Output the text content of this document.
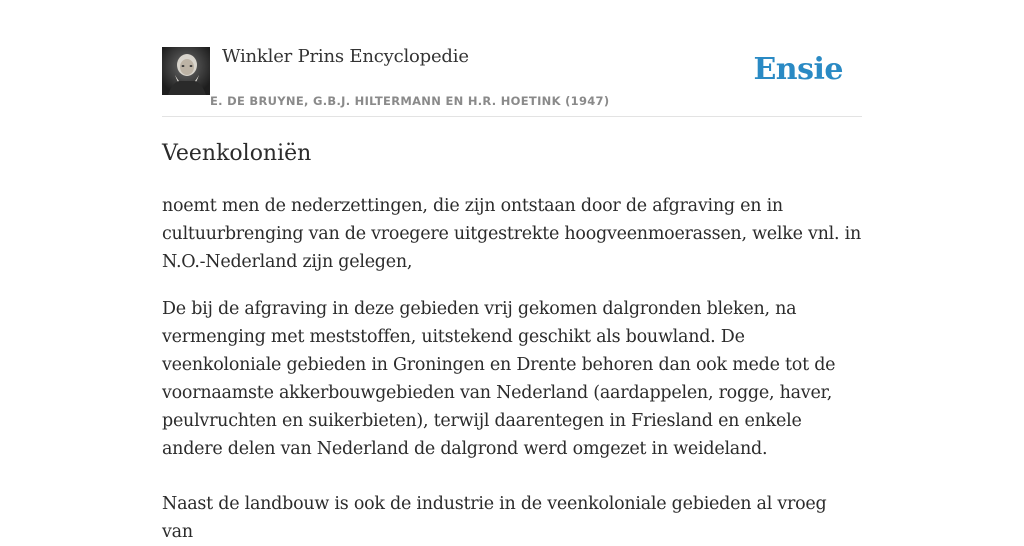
Winkler Prins Encyclopedie
E. DE BRUYNE, G.B.J. HILTERMANN EN H.R. HOETINK (1947)
Ensie
Veenkoloniën

noemt men de nederzettingen, die zijn ontstaan door de afgraving en in cultuurbrenging van de vroegere uitgestrekte hoogveenmoerassen, welke vnl. in N.O.-Nederland zijn gelegen,

De bij de afgraving in deze gebieden vrij gekomen dalgronden bleken, na vermenging met meststoffen, uitstekend geschikt als bouwland. De veenkoloniale gebieden in Groningen en Drente behoren dan ook mede tot de voornaamste akkerbouwgebieden van Nederland (aardappelen, rogge, haver, peulvruchten en suikerbieten), terwijl daarentegen in Friesland en enkele andere delen van Nederland de dalgrond werd omgezet in weideland.

Naast de landbouw is ook de industrie in de veenkoloniale gebieden al vroeg van
